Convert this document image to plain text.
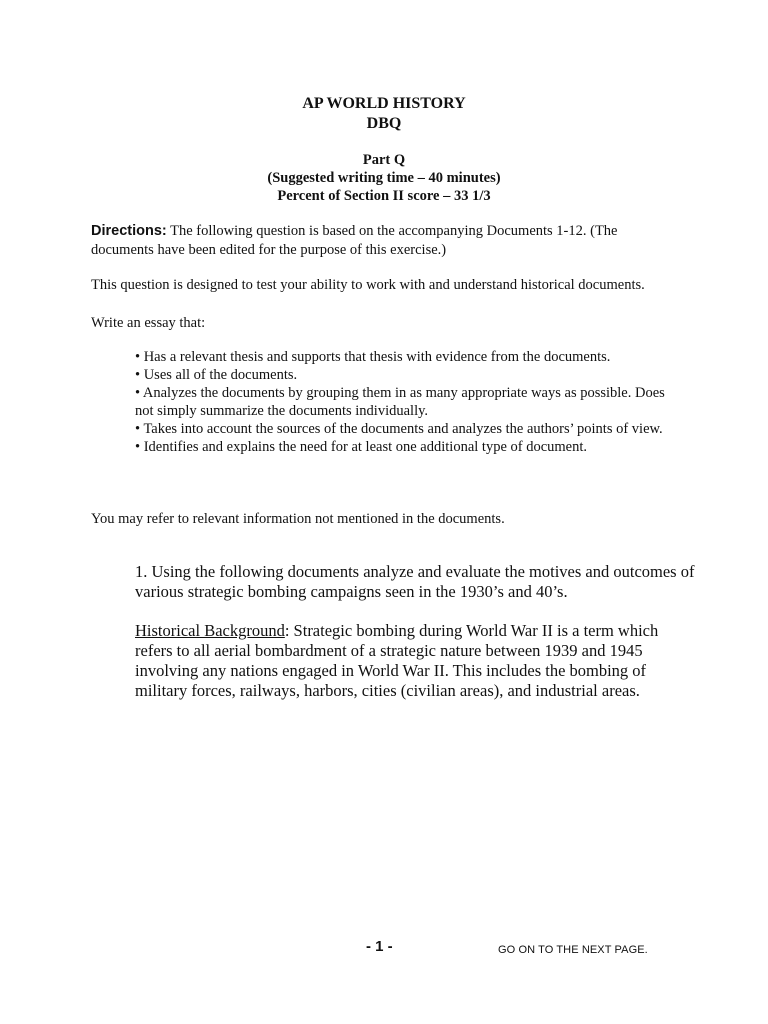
AP WORLD HISTORY
DBQ
Part Q
(Suggested writing time – 40 minutes)
Percent of Section II score – 33 1/3
Directions: The following question is based on the accompanying Documents 1-12. (The documents have been edited for the purpose of this exercise.)
This question is designed to test your ability to work with and understand historical documents.
Write an essay that:
• Has a relevant thesis and supports that thesis with evidence from the documents.
• Uses all of the documents.
• Analyzes the documents by grouping them in as many appropriate ways as possible. Does not simply summarize the documents individually.
• Takes into account the sources of the documents and analyzes the authors’ points of view.
• Identifies and explains the need for at least one additional type of document.
You may refer to relevant information not mentioned in the documents.
1. Using the following documents analyze and evaluate the motives and outcomes of various strategic bombing campaigns seen in the 1930’s and 40’s.
Historical Background: Strategic bombing during World War II is a term which refers to all aerial bombardment of a strategic nature between 1939 and 1945 involving any nations engaged in World War II. This includes the bombing of military forces, railways, harbors, cities (civilian areas), and industrial areas.
- 1 -	GO ON TO THE NEXT PAGE.
